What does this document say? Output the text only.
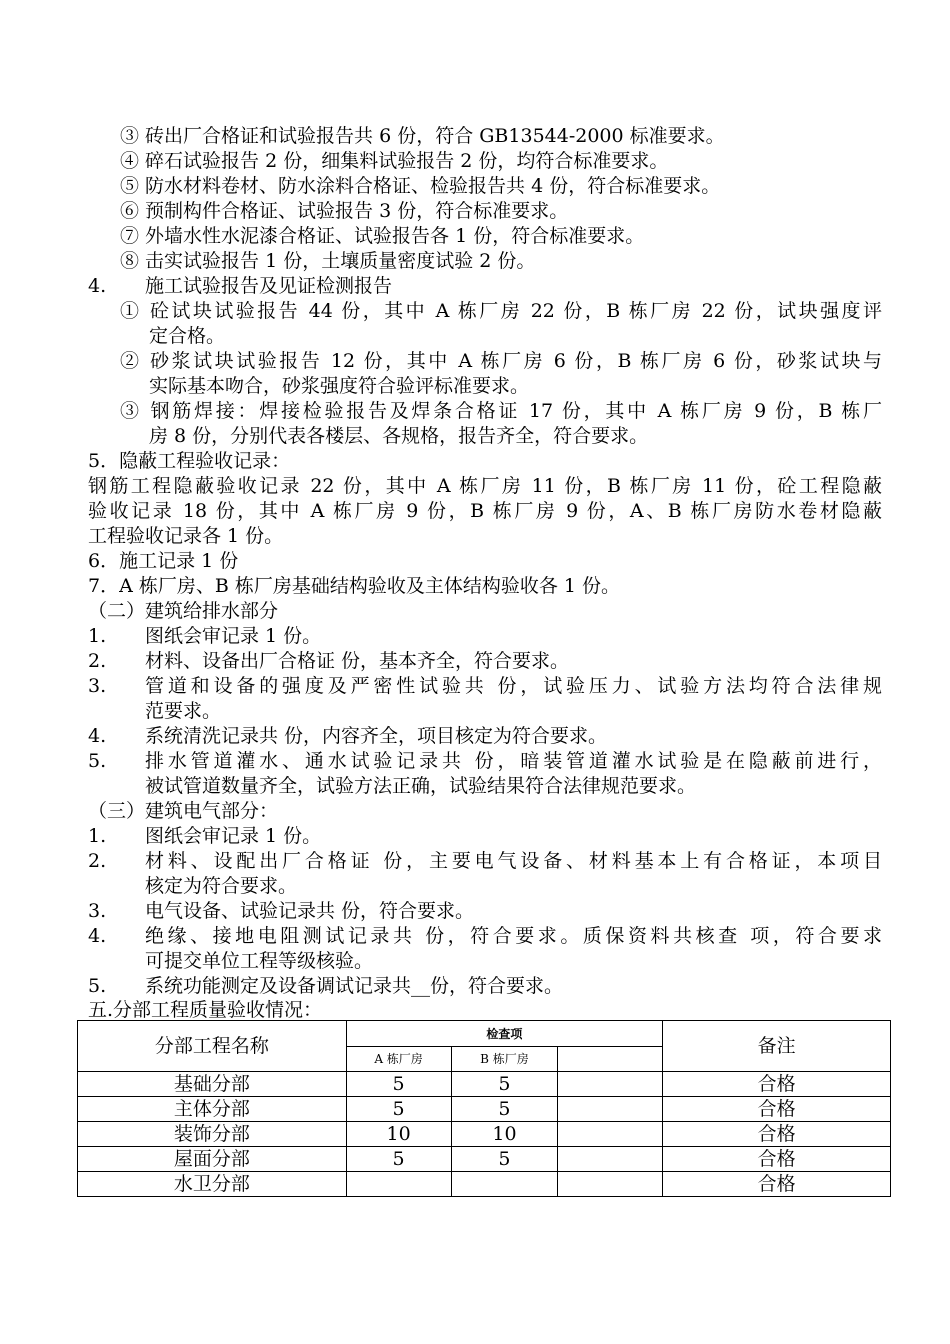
③ 砖出厂合格证和试验报告共 6 份，符合 GB13544-2000 标准要求。
④ 碎石试验报告 2 份，细集料试验报告 2 份，均符合标准要求。
⑤ 防水材料卷材、防水涂料合格证、检验报告共 4 份，符合标准要求。
⑥ 预制构件合格证、试验报告 3 份，符合标准要求。
⑦ 外墙水性水泥漆合格证、试验报告各 1 份，符合标准要求。
⑧ 击实试验报告 1 份，土壤质量密度试验 2 份。
4. 施工试验报告及见证检测报告
① 砼试块试验报告 44 份，其中 A 栋厂房 22 份，B 栋厂房 22 份，试块强度评
定合格。
② 砂浆试块试验报告 12 份，其中 A 栋厂房 6 份，B 栋厂房 6 份，砂浆试块与
实际基本吻合，砂浆强度符合验评标准要求。
③ 钢筋焊接：焊接检验报告及焊条合格证 17 份，其中 A 栋厂房 9 份，B 栋厂
房 8 份，分别代表各楼层、各规格，报告齐全，符合要求。
5．隐蔽工程验收记录：
钢筋工程隐蔽验收记录 22 份，其中 A 栋厂房 11 份，B 栋厂房 11 份，砼工程隐蔽
验收记录 18 份，其中 A 栋厂房 9 份，B 栋厂房 9 份，A、B 栋厂房防水卷材隐蔽
工程验收记录各 1 份。
6．施工记录 1 份
7．A 栋厂房、B 栋厂房基础结构验收及主体结构验收各 1 份。
（二）建筑给排水部分
1. 图纸会审记录 1 份。
2. 材料、设备出厂合格证 份，基本齐全，符合要求。
3. 管道和设备的强度及严密性试验共 份，试验压力、试验方法均符合法律规
范要求。
4. 系统清洗记录共 份，内容齐全，项目核定为符合要求。
5. 排水管道灌水、通水试验记录共 份，暗装管道灌水试验是在隐蔽前进行，
被试管道数量齐全，试验方法正确，试验结果符合法律规范要求。
（三）建筑电气部分：
1. 图纸会审记录 1 份。
2. 材料、设配出厂合格证 份，主要电气设备、材料基本上有合格证，本项目
核定为符合要求。
3. 电气设备、试验记录共 份，符合要求。
4. 绝缘、接地电阻测试记录共 份，符合要求。质保资料共核查 项，符合要求
可提交单位工程等级核验。
5. 系统功能测定及设备调试记录共__份，符合要求。
五.分部工程质量验收情况：
分部工程名称	检查项			备注
	A 栋厂房	B 栋厂房		
基础分部	5	5		合格
主体分部	5	5		合格
装饰分部	10	10		合格
屋面分部	5	5		合格
水卫分部				合格
